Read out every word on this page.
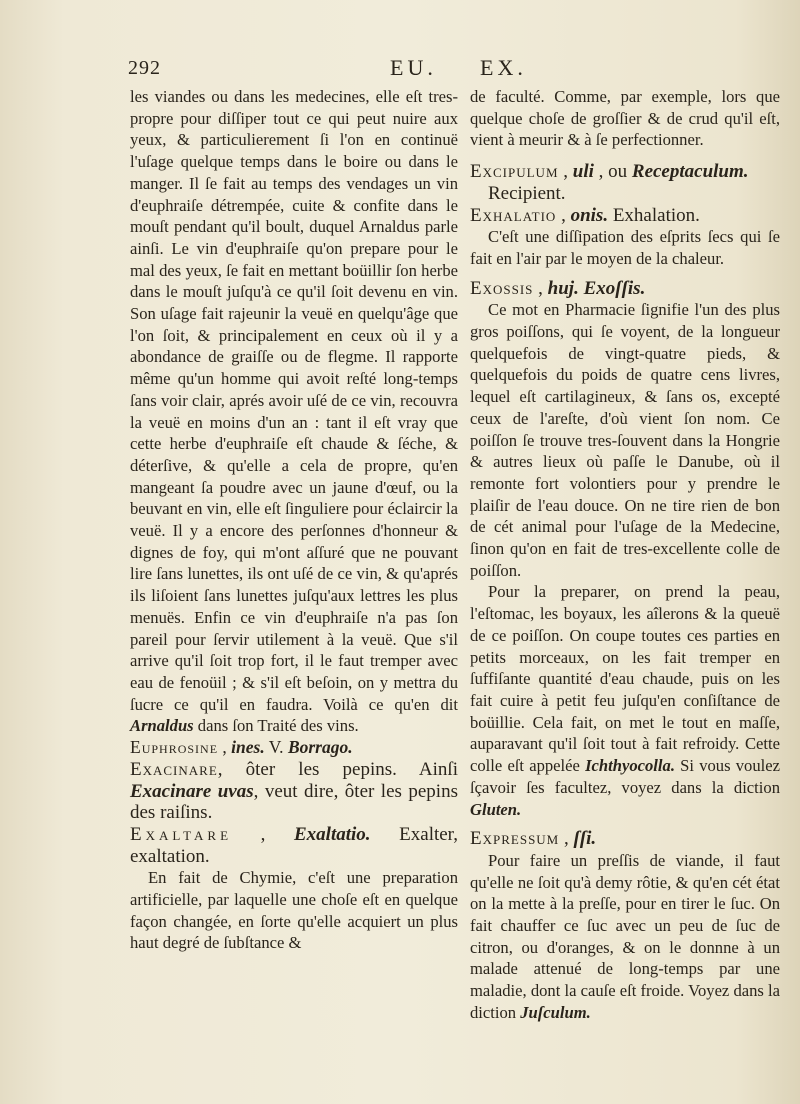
292	EU. EX.

les viandes ou dans les medecines, elle eſt tres-propre pour diſſiper tout ce qui peut nuire aux yeux, & particulierement ſi l'on en continuë l'uſage quelque temps dans le boire ou dans le manger. Il ſe fait au temps des vendages un vin d'euphraiſe détrempée, cuite & confite dans le mouſt pendant qu'il boult, duquel Arnaldus parle ainſi. Le vin d'euphraiſe qu'on prepare pour le mal des yeux, ſe fait en mettant boüillir ſon herbe dans le mouſt juſqu'à ce qu'il ſoit devenu en vin. Son uſage fait rajeunir la veuë en quelqu'âge que l'on ſoit, & principalement en ceux où il y a abondance de graiſſe ou de flegme. Il rapporte même qu'un homme qui avoit reſté long-temps ſans voir clair, aprés avoir uſé de ce vin, recouvra la veuë en moins d'un an : tant il eſt vray que cette herbe d'euphraiſe eſt chaude & ſéche, & déterſive, & qu'elle a cela de propre, qu'en mangeant ſa poudre avec un jaune d'œuf, ou la beuvant en vin, elle eſt ſinguliere pour éclaircir la veuë. Il y a encore des perſonnes d'honneur & dignes de foy, qui m'ont aſſuré que ne pouvant lire ſans lunettes, ils ont uſé de ce vin, & qu'aprés ils liſoient ſans lunettes juſqu'aux lettres les plus menuës. Enfin ce vin d'euphraiſe n'a pas ſon pareil pour ſervir utilement à la veuë. Que s'il arrive qu'il ſoit trop fort, il le faut tremper avec eau de fenoüil ; & s'il eſt beſoin, on y mettra du ſucre ce qu'il en faudra. Voilà ce qu'en dit Arnaldus dans ſon Traité des vins.

Euphrosine , ines. V. Borrago.

Exacinare, ôter les pepins. Ainſi Exacinare uvas, veut dire, ôter les pepins des raiſins.

Exaltare , Exaltatio. Exalter, exaltation.

En fait de Chymie, c'eſt une preparation artificielle, par laquelle une choſe eſt en quelque façon changée, en ſorte qu'elle acquiert un plus haut degré de ſubſtance &

de faculté. Comme, par exemple, lors que quelque choſe de groſſier & de crud qu'il eſt, vient à meurir & à ſe perfectionner.

Excipulum , uli , ou Receptaculum.
Recipient.

Exhalatio , onis. Exhalation.

C'eſt une diſſipation des eſprits ſecs qui ſe fait en l'air par le moyen de la chaleur.

Exossis , huj. Exoſſis.

Ce mot en Pharmacie ſignifie l'un des plus gros poiſſons, qui ſe voyent, de la longueur quelquefois de vingt-quatre pieds, & quelquefois du poids de quatre cens livres, lequel eſt cartilagineux, & ſans os, excepté ceux de l'areſte, d'où vient ſon nom. Ce poiſſon ſe trouve tres-ſouvent dans la Hongrie & autres lieux où paſſe le Danube, où il remonte fort volontiers pour y prendre le plaiſir de l'eau douce. On ne tire rien de bon de cét animal pour l'uſage de la Medecine, ſinon qu'on en fait de tres-excellente colle de poiſſon.

Pour la preparer, on prend la peau, l'eſtomac, les boyaux, les aîlerons & la queuë de ce poiſſon. On coupe toutes ces parties en petits morceaux, on les fait tremper en ſuffiſante quantité d'eau chaude, puis on les fait cuire à petit feu juſqu'en conſiſtance de boüillie. Cela fait, on met le tout en maſſe, auparavant qu'il ſoit tout à fait refroidy. Cette colle eſt appelée Ichthyocolla. Si vous voulez ſçavoir ſes facultez, voyez dans la diction Gluten.

Expressum , ſſi.

Pour faire un preſſis de viande, il faut qu'elle ne ſoit qu'à demy rôtie, & qu'en cét état on la mette à la preſſe, pour en tirer le ſuc. On fait chauffer ce ſuc avec un peu de ſuc de citron, ou d'oranges, & on le donnne à un malade attenué de long-temps par une maladie, dont la cauſe eſt froide. Voyez dans la diction Juſculum.
